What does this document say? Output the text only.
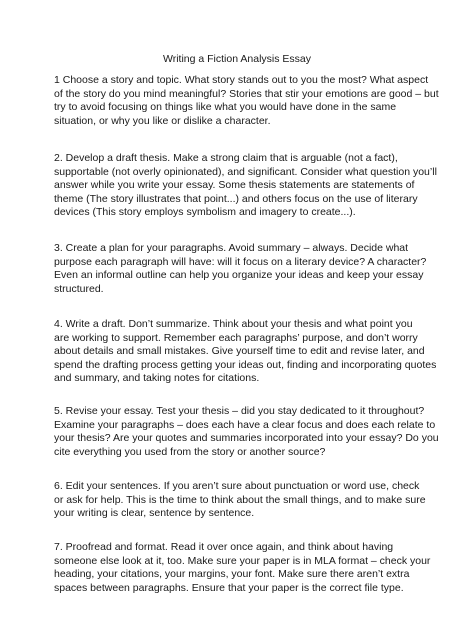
Writing a Fiction Analysis Essay
1 Choose a story and topic. What story stands out to you the most? What aspect
of the story do you mind meaningful? Stories that stir your emotions are good – but
try to avoid focusing on things like what you would have done in the same
situation, or why you like or dislike a character.
2. Develop a draft thesis. Make a strong claim that is arguable (not a fact),
supportable (not overly opinionated), and significant. Consider what question you’ll
answer while you write your essay. Some thesis statements are statements of
theme (The story illustrates that point...) and others focus on the use of literary
devices (This story employs symbolism and imagery to create...).
3. Create a plan for your paragraphs. Avoid summary – always. Decide what
purpose each paragraph will have: will it focus on a literary device? A character?
Even an informal outline can help you organize your ideas and keep your essay
structured.
4. Write a draft. Don’t summarize. Think about your thesis and what point you
are working to support. Remember each paragraphs’ purpose, and don’t worry
about details and small mistakes. Give yourself time to edit and revise later, and
spend the drafting process getting your ideas out, finding and incorporating quotes
and summary, and taking notes for citations.
5. Revise your essay. Test your thesis – did you stay dedicated to it throughout?
Examine your paragraphs – does each have a clear focus and does each relate to
your thesis? Are your quotes and summaries incorporated into your essay? Do you
cite everything you used from the story or another source?
6. Edit your sentences. If you aren’t sure about punctuation or word use, check
or ask for help. This is the time to think about the small things, and to make sure
your writing is clear, sentence by sentence.
7. Proofread and format. Read it over once again, and think about having
someone else look at it, too. Make sure your paper is in MLA format – check your
heading, your citations, your margins, your font. Make sure there aren’t extra
spaces between paragraphs. Ensure that your paper is the correct file type.
